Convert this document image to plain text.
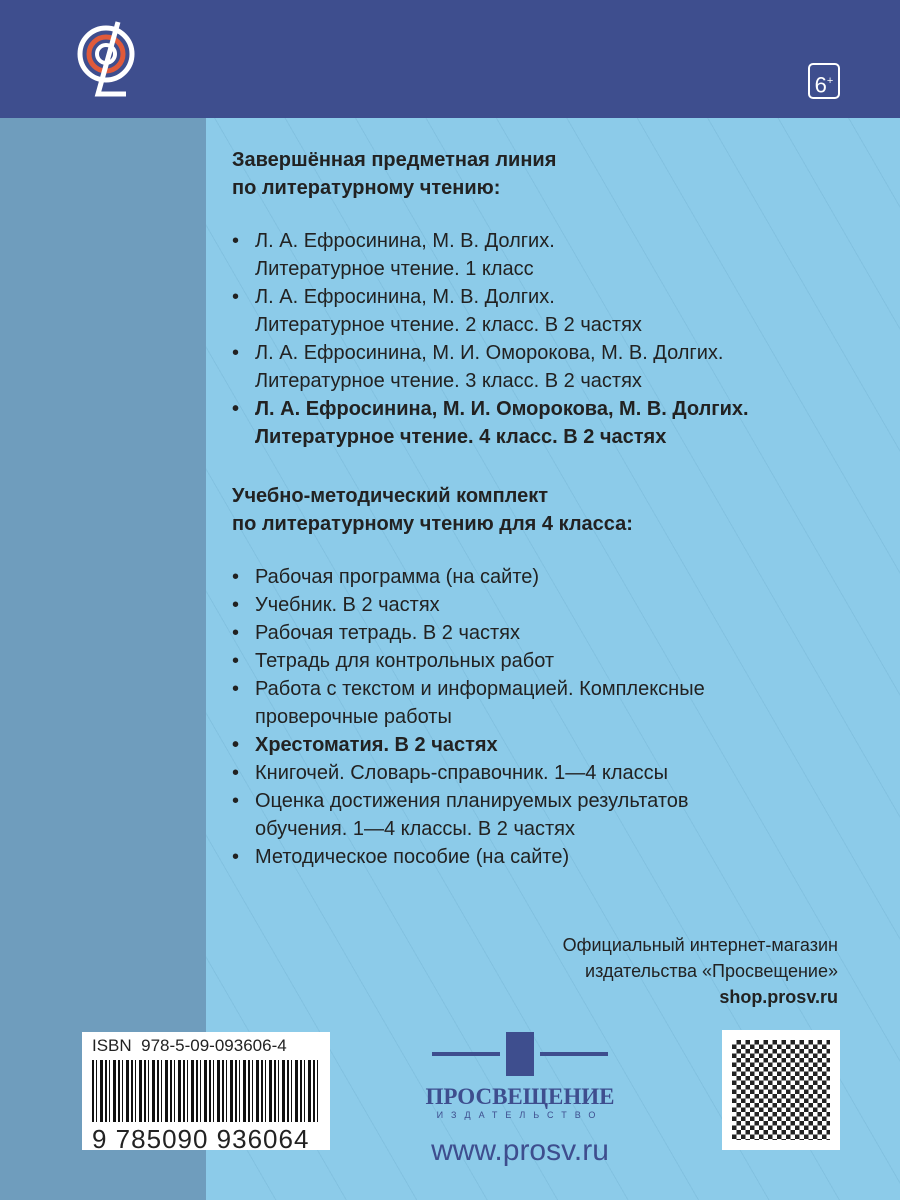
6+
Завершённая предметная линия
по литературному чтению:
• Л. А. Ефросинина, М. В. Долгих.
Литературное чтение. 1 класс
• Л. А. Ефросинина, М. В. Долгих.
Литературное чтение. 2 класс. В 2 частях
• Л. А. Ефросинина, М. И. Оморокова, М. В. Долгих.
Литературное чтение. 3 класс. В 2 частях
• Л. А. Ефросинина, М. И. Оморокова, М. В. Долгих.
Литературное чтение. 4 класс. В 2 частях
Учебно-методический комплект
по литературному чтению для 4 класса:
• Рабочая программа (на сайте)
• Учебник. В 2 частях
• Рабочая тетрадь. В 2 частях
• Тетрадь для контрольных работ
• Работа с текстом и информацией. Комплексные
проверочные работы
• Хрестоматия. В 2 частях
• Книгочей. Словарь-справочник. 1—4 классы
• Оценка достижения планируемых результатов
обучения. 1—4 классы. В 2 частях
• Методическое пособие (на сайте)
Официальный интернет-магазин
издательства «Просвещение»
shop.prosv.ru
ISBN  978-5-09-093606-4
9 785090 936064
ПРОСВЕЩЕНИЕ
ИЗДАТЕЛЬСТВО
www.prosv.ru
